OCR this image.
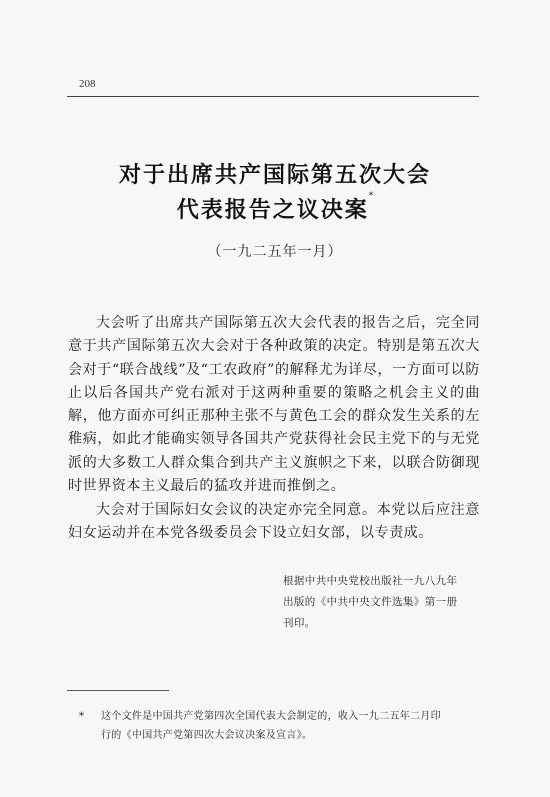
208
对于出席共产国际第五次大会
代表报告之议决案*
（一九二五年一月）

大会听了出席共产国际第五次大会代表的报告之后，完全同意于共产国际第五次大会对于各种政策的决定。特别是第五次大会对于“联合战线”及“工农政府”的解释尤为详尽，一方面可以防止以后各国共产党右派对于这两种重要的策略之机会主义的曲解，他方面亦可纠正那种主张不与黄色工会的群众发生关系的左稚病，如此才能确实领导各国共产党获得社会民主党下的与无党派的大多数工人群众集合到共产主义旗帜之下来，以联合防御现时世界资本主义最后的猛攻并进而推倒之。

大会对于国际妇女会议的决定亦完全同意。本党以后应注意妇女运动并在本党各级委员会下设立妇女部，以专责成。

根据中共中央党校出版社一九八九年
出版的《中共中央文件选集》第一册
刊印。
* 这个文件是中国共产党第四次全国代表大会制定的，收入一九二五年二月印
行的《中国共产党第四次大会议决案及宣言》。
